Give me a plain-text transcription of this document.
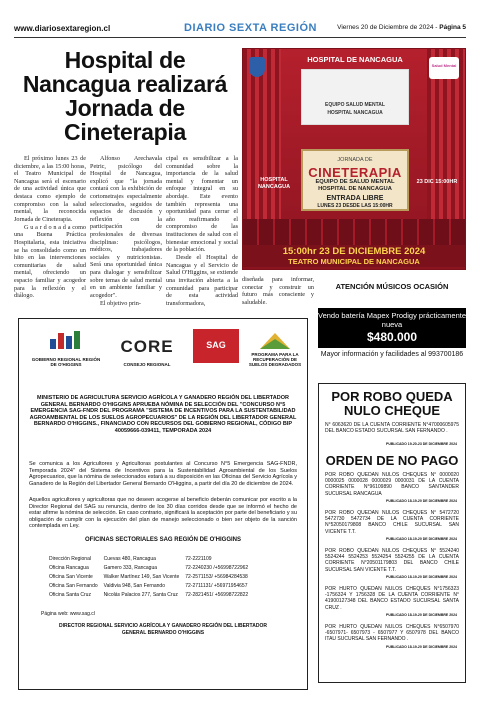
www.diariosextaregion.cl	DIARIO SEXTA REGIÓN	Viernes 20 de Diciembre de 2024 - Página 5
Hospital de Nancagua realizará Jornada de Cineterapia

El próximo lunes 23 de diciembre, a las 15:00 horas, el Teatro Municipal de Nancagua será el escenario de una actividad única que destaca como ejemplo de compromiso con la salud mental, la reconocida Jornada de Cineterapia.

G u a r d o n a d a como una Buena Práctica Hospitalaria, esta iniciativa se ha consolidado como un hito en las intervenciones comunitarias de salud mental, ofreciendo un espacio familiar y acogedor para la reflexión y el diálogo.

Alfonso Arechavala Petric, psicólogo del Hospital de Nancagua, explicó que "la jornada contará con la exhibición de cortometrajes especialmente seleccionados, seguidos de espacios de discusión y reflexión con la participación de profesionales de diversas disciplinas: psicólogos, médicos, trabajadores sociales y nutricionistas. Será una oportunidad única para dialogar y sensibilizar sobre temas de salud mental en un ambiente familiar y acogedor".

El objetivo prin-

cipal es sensibilizar a la comunidad sobre la importancia de la salud mental y fomentar un enfoque integral en su abordaje. Este evento también representa una oportunidad para cerrar el año reafirmando el compromiso de las instituciones de salud con el bienestar emocional y social de la población.

Desde el Hospital de Nancagua y el Servicio de Salud O'Higgins, se extiende una invitación abierta a la comunidad para participar de esta actividad transformadora,

diseñada para informar, conectar y construir un futuro más consciente y saludable.

Salud Mental
HOSPITAL DE NANCAGUA
EQUIPO SALUD MENTAL
HOSPITAL NANCAGUA
JORNADA DE
CINETERAPIA
EQUIPO DE SALUD MENTAL HOSPITAL DE NANCAGUA
ENTRADA LIBRE
LUNES 23 DESDE LAS 15:00HR
HOSPITAL NANCAGUA
23 DIC 15:00HR
15:00hr 23 DE DICIEMBRE 2024
TEATRO MUNICIPAL DE NANCAGUA
ATENCIÓN MÚSICOS OCASIÓN
Vendo batería Mapex Prodigy prácticamente nueva
$480.000
Mayor información y facilidades al 993700186
GOBIERNO REGIONAL REGIÓN DE O'HIGGINS
CORE
CONSEJO REGIONAL
SAG
PROGRAMA PARA LA RECUPERACIÓN DE SUELOS DEGRADADOS
MINISTERIO DE AGRICULTURA SERVICIO AGRÍCOLA Y GANADERO REGIÓN DEL LIBERTADOR GENERAL BERNARDO O'HIGGINS APRUEBA NÓMINA DE SELECCIÓN DEL "CONCURSO N°5 EMERGENCIA SAG-FNDR DEL PROGRAMA "SISTEMA DE INCENTIVOS PARA LA SUSTENTABILIDAD AGROAMBIENTAL DE LOS SUELOS AGROPECUARIOS" DE LA REGIÓN DEL LIBERTADOR GENERAL BERNARDO O'HIGGINS., FINANCIADO CON RECURSOS DEL GOBIERNO REGIONAL, CÓDIGO BIP 40059666-039411, TEMPORADA 2024
Se comunica a los Agricultores y Agricultoras postulantes al Concurso N°5 Emergencia SAG-FNDR, Temporada 2024" del Sistema de Incentivos para la Sustentabilidad Agroambiental de los Suelos Agropecuarios, que la nómina de seleccionados estará a su disposición en las Oficinas del Servicio Agrícola y Ganadero de la Región del Libertador General Bernardo O'Higgins, a partir del día 20 de diciembre de 2024.
Aquellos agricultores y agricultoras que no deseen acogerse al beneficio deberán comunicar por escrito a la Director Regional del SAG su renuncia, dentro de los 30 días corridos desde que se informó el hecho de estar afirme la nómina de selección. En caso contrario, significará la aceptación por parte del beneficiario y su obligación de cumplir con la ejecución del plan de manejo seleccionado o bien ser objeto de la sanción contemplada en Ley.
OFICINAS SECTORIALES SAG REGIÓN DE O'HIGGINS
Dirección Regional	Cuevas 480, Rancagua	72-2221109
Oficina Rancagua	Gamero 333, Rancagua	72-2240230 /+56998722962
Oficina San Vicente	Walker Martínez 149, San Vicente	72-2571153/ +56984284538
Oficina San Fernando	Valdivia 948, San Fernando	72-2711131/ +56971954657
Oficina Santa Cruz	Nicolás Palacios 277, Santa Cruz	72-2821451/ +56998722822
Página web: www.sag.cl
DIRECTOR REGIONAL SERVICIO AGRÍCOLA Y GANADERO REGIÓN DEL LIBERTADOR GENERAL BERNARDO O'HIGGINS
POR ROBO QUEDA NULO CHEQUE
N° 6063620 DE LA CUENTA CORRIENTE N°47000605975 DEL BANCO ESTADO SUCURSAL SAN FERNANDO .
PUBLICADO 19-20-23 DE DICIEMBRE 2024
ORDEN DE NO PAGO
POR ROBO QUEDAN NULOS CHEQUES N° 0000020 0000025 0000028 0000029 0000031 DE LA CUENTA CORRIENTE N°96109890 BANCO SANTANDER SUCURSAL RANCAGUA
PUBLICADO 18-19-20 DE DICIEMBRE 2024
POR ROBO QUEDAN NULOS CHEQUES N° 5472720 5472730 5472734 DE LA CUENTA CORRIENTE N°52050179808 BANCO CHILE SUCURSAL SAN VICENTE T.T.
PUBLICADO 18-19-20 DE DICIEMBRE 2024
POR ROBO QUEDAN NULOS CHEQUES N° 5524240 5524244 5524253 5524254 5524255 DE LA CUENTA CORRIENTE N°20501179803 DEL BANCO CHILE SUCURSAL SAN VICENTE T.T.
PUBLICADO 18-19-20 DE DICIEMBRE 2024
POR HURTO QUEDAN NULOS CHEQUES N°1756323 -1756324 Y 1756328 DE LA CUENTA CORRIENTE N° 41900127348 DEL BANCO ESTADO SUCURSAL SANTA CRUZ .
PUBLICADO 18-19-20 DE DICIEMBRE 2024
POR HURTO QUEDAN NULOS CHEQUES N°6507970 -6507971- 6507973 - 6507977 Y 6507978 DEL BANCO ITAU SUCURSAL SAN FERNANDO .
PUBLICADO 18-19-20 DE DICIEMBRE 2024
